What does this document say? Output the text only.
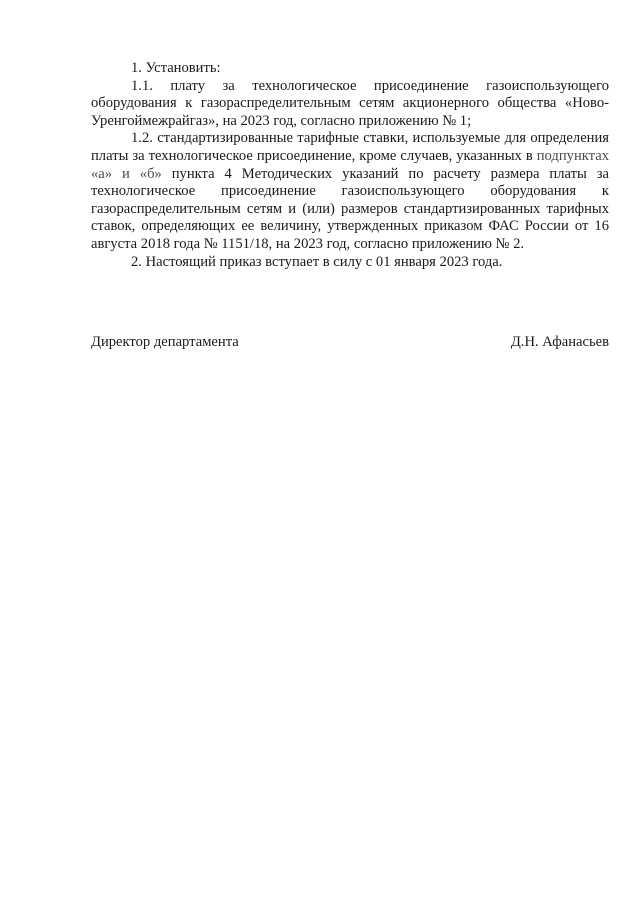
1. Установить:

1.1. плату за технологическое присоединение газоиспользующего оборудования к газораспределительным сетям акционерного общества «Ново-Уренгоймежрайгаз», на 2023 год, согласно приложению № 1;

1.2. стандартизированные тарифные ставки, используемые для определения платы за технологическое присоединение, кроме случаев, указанных в подпунктах «а» и «б» пункта 4 Методических указаний по расчету размера платы за технологическое присоединение газоиспользующего оборудования к газораспределительным сетям и (или) размеров стандартизированных тарифных ставок, определяющих ее величину, утвержденных приказом ФАС России от 16 августа 2018 года № 1151/18, на 2023 год, согласно приложению № 2.

2. Настоящий приказ вступает в силу с 01 января 2023 года.

Директор департамента	Д.Н. Афанасьев
